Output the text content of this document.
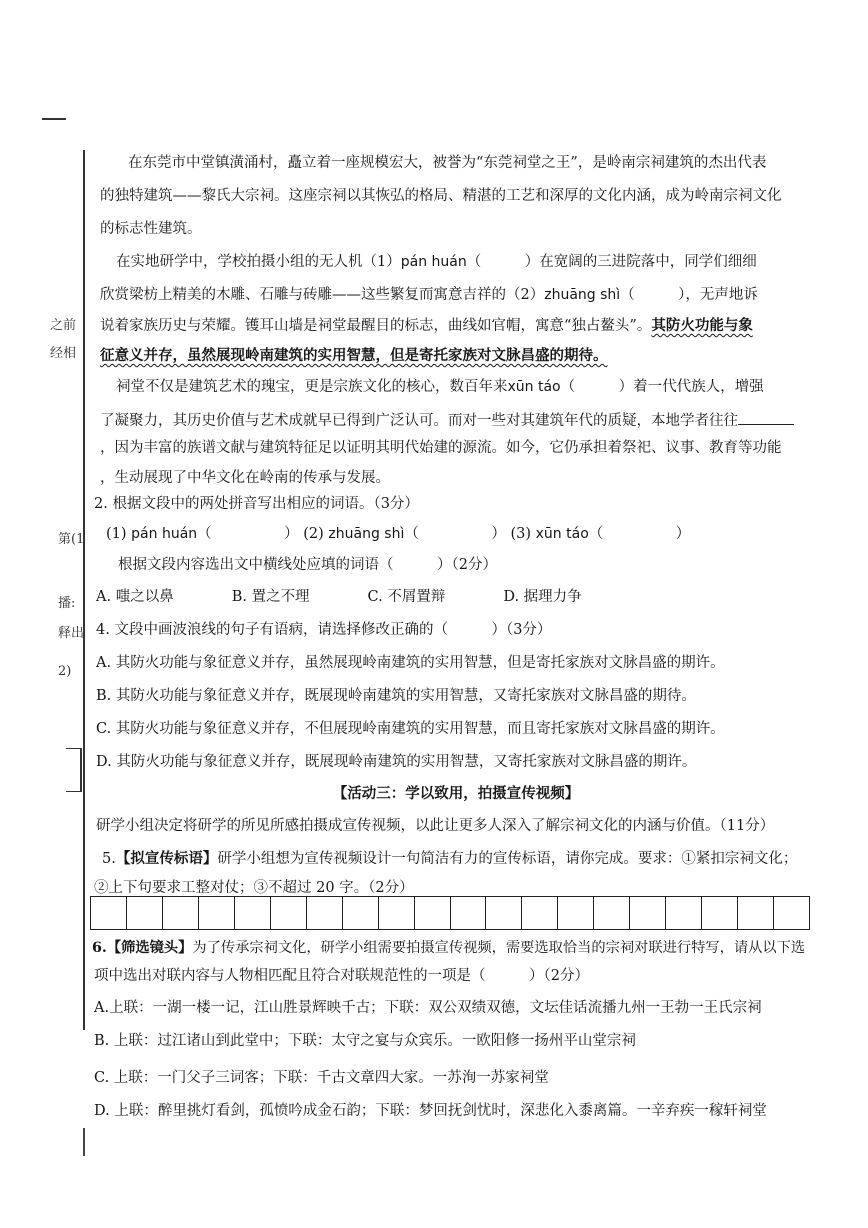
之前
经相
第(1
播:
释出
2)
在东莞市中堂镇潢涌村，矗立着一座规模宏大，被誉为“东莞祠堂之王”，是岭南宗祠建筑的杰出代表
的独特建筑——黎氏大宗祠。这座宗祠以其恢弘的格局、精湛的工艺和深厚的文化内涵，成为岭南宗祠文化
的标志性建筑。
在实地研学中，学校拍摄小组的无人机（1）pán huán（　　　）在宽阔的三进院落中，同学们细细
欣赏梁枋上精美的木雕、石雕与砖雕——这些繁复而寓意吉祥的（2）zhuāng shì（　　　），无声地诉
说着家族历史与荣耀。镬耳山墙是祠堂最醒目的标志，曲线如官帽，寓意“独占鳌头”。其防火功能与象
征意义并存，虽然展现岭南建筑的实用智慧，但是寄托家族对文脉昌盛的期待。
祠堂不仅是建筑艺术的瑰宝，更是宗族文化的核心，数百年来xūn táo（　　　）着一代代族人，增强
了凝聚力，其历史价值与艺术成就早已得到广泛认可。而对一些对其建筑年代的质疑，本地学者往往
，因为丰富的族谱文献与建筑特征足以证明其明代始建的源流。如今，它仍承担着祭祀、议事、教育等功能
，生动展现了中华文化在岭南的传承与发展。
2. 根据文段中的两处拼音写出相应的词语。（3分）
(1) pán huán（　　　　　） (2) zhuāng shì（　　　　　） (3) xūn táo（　　　　　）
根据文段内容选出文中横线处应填的词语（　　　）（2分）
A. 嗤之以鼻　　　　B. 置之不理　　　　C. 不屑置辩　　　　D. 据理力争
4. 文段中画波浪线的句子有语病，请选择修改正确的（　　　）（3分）
A. 其防火功能与象征意义并存，虽然展现岭南建筑的实用智慧，但是寄托家族对文脉昌盛的期许。
B. 其防火功能与象征意义并存，既展现岭南建筑的实用智慧，又寄托家族对文脉昌盛的期待。
C. 其防火功能与象征意义并存，不但展现岭南建筑的实用智慧，而且寄托家族对文脉昌盛的期许。
D. 其防火功能与象征意义并存，既展现岭南建筑的实用智慧，又寄托家族对文脉昌盛的期许。
【活动三：学以致用，拍摄宣传视频】
研学小组决定将研学的所见所感拍摄成宣传视频，以此让更多人深入了解宗祠文化的内涵与价值。（11分）
5.【拟宣传标语】研学小组想为宣传视频设计一句简洁有力的宣传标语，请你完成。要求：①紧扣宗祠文化；
②上下句要求工整对仗；③不超过 20 字。（2分）
6.【筛选镜头】为了传承宗祠文化，研学小组需要拍摄宣传视频，需要选取恰当的宗祠对联进行特写，请从以下选
项中选出对联内容与人物相匹配且符合对联规范性的一项是（　　　）（2分）
A.上联：一湖一楼一记，江山胜景辉映千古；下联：双公双绩双德，文坛佳话流播九州一王勃一王氏宗祠
B. 上联：过江诸山到此堂中；下联：太守之宴与众宾乐。一欧阳修一扬州平山堂宗祠
C. 上联：一门父子三词客；下联：千古文章四大家。一苏洵一苏家祠堂
D. 上联：醉里挑灯看剑，孤愤吟成金石韵；下联：梦回抚剑忧时，深悲化入黍离篇。一辛弃疾一稼轩祠堂
